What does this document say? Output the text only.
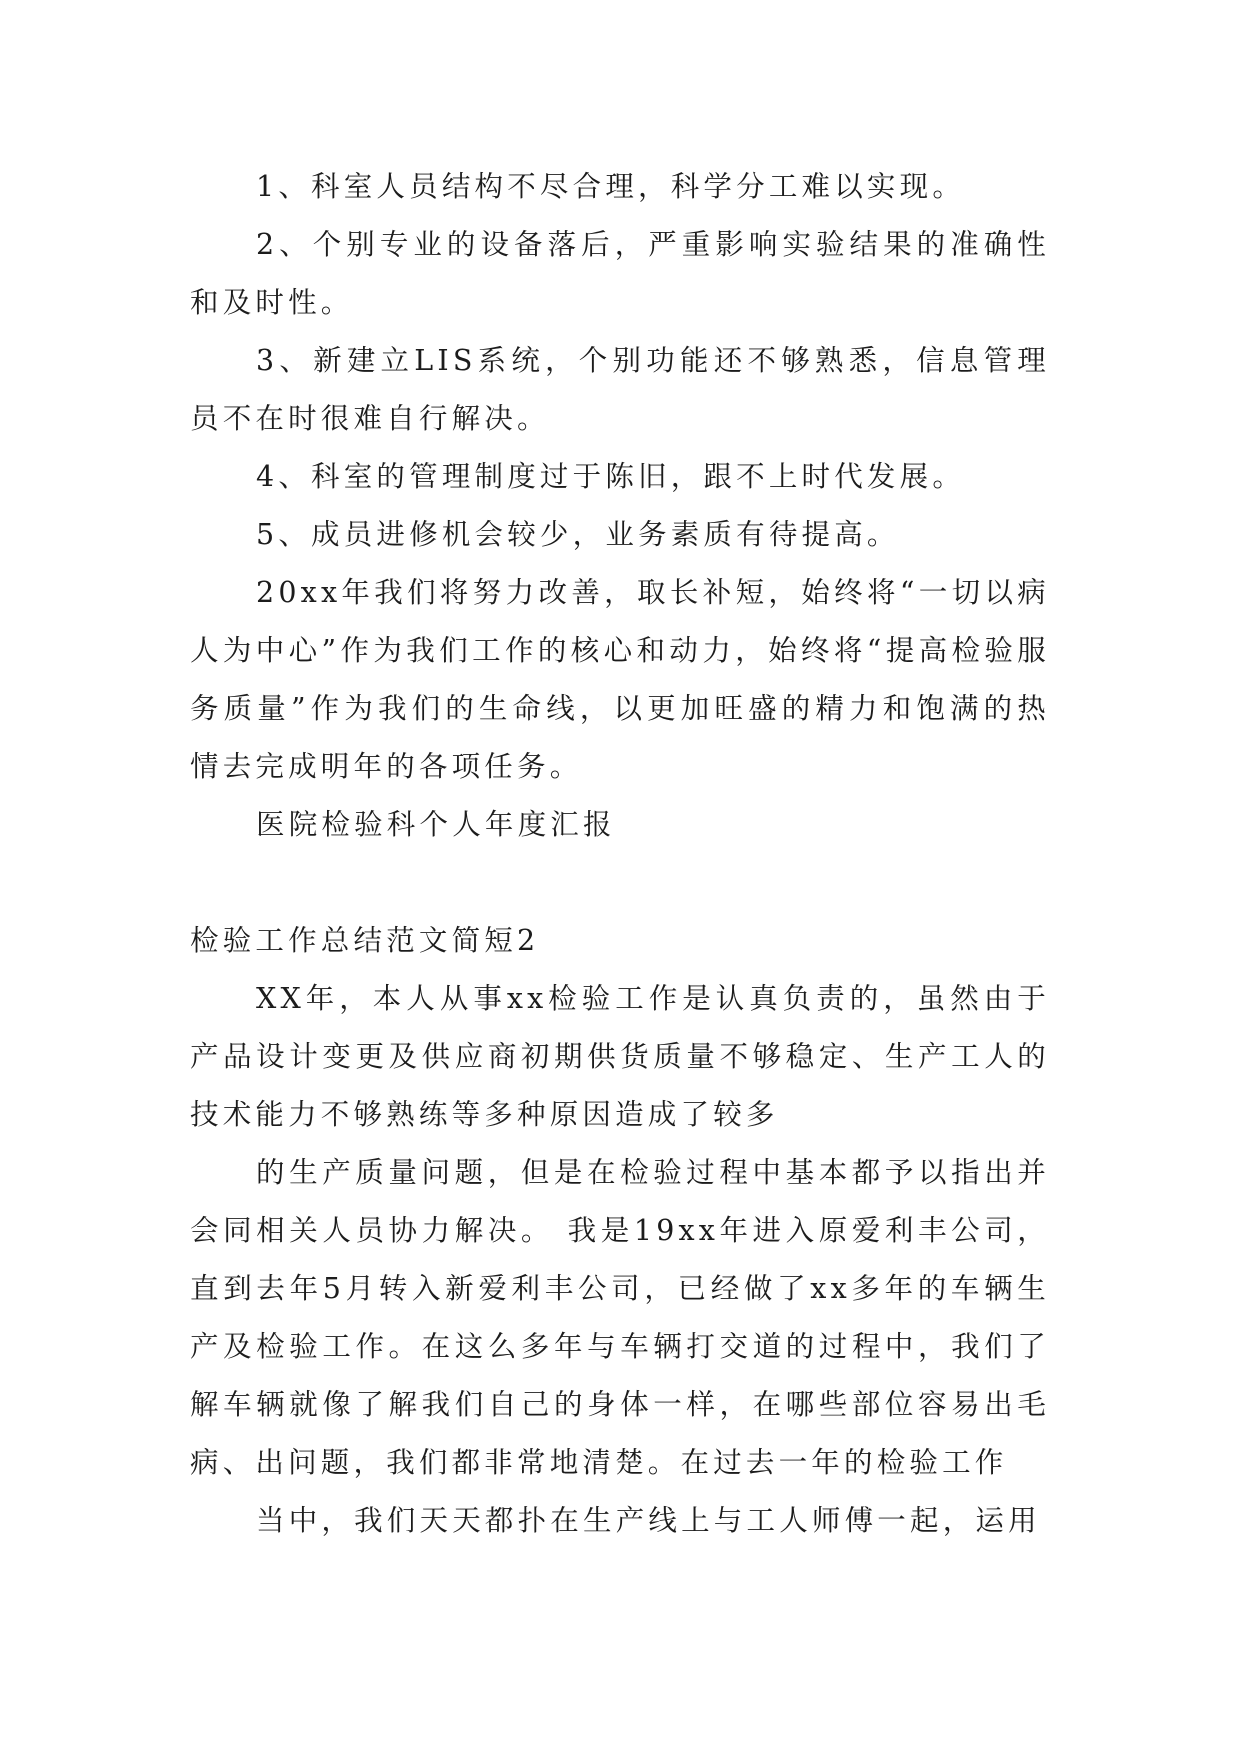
1、科室人员结构不尽合理，科学分工难以实现。

2、个别专业的设备落后，严重影响实验结果的准确性和及时性。

3、新建立LIS系统，个别功能还不够熟悉，信息管理员不在时很难自行解决。

4、科室的管理制度过于陈旧，跟不上时代发展。

5、成员进修机会较少，业务素质有待提高。

20xx年我们将努力改善，取长补短，始终将“一切以病人为中心”作为我们工作的核心和动力，始终将“提高检验服务质量”作为我们的生命线，以更加旺盛的精力和饱满的热情去完成明年的各项任务。

医院检验科个人年度汇报

检验工作总结范文简短2

XX年，本人从事xx检验工作是认真负责的，虽然由于产品设计变更及供应商初期供货质量不够稳定、生产工人的技术能力不够熟练等多种原因造成了较多

的生产质量问题，但是在检验过程中基本都予以指出并会同相关人员协力解决。 我是19xx年进入原爱利丰公司，直到去年5月转入新爱利丰公司，已经做了xx多年的车辆生产及检验工作。在这么多年与车辆打交道的过程中，我们了解车辆就像了解我们自己的身体一样，在哪些部位容易出毛病、出问题，我们都非常地清楚。在过去一年的检验工作

当中，我们天天都扑在生产线上与工人师傅一起，运用
